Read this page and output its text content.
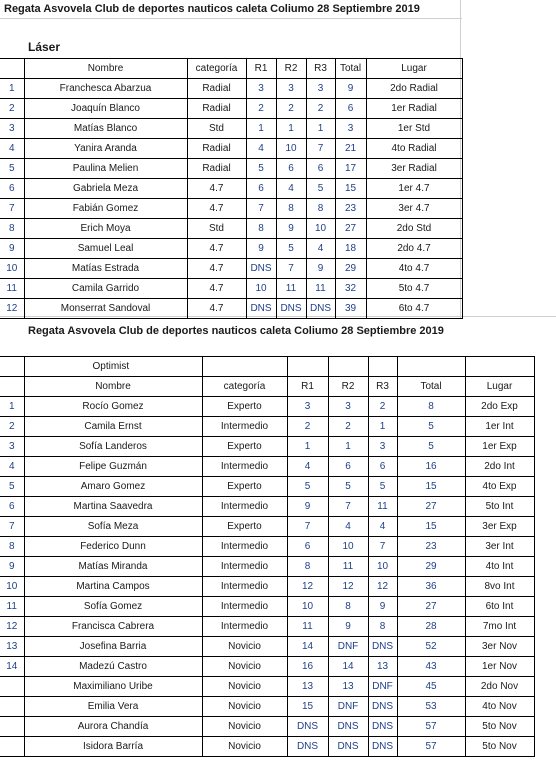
Regata Asvovela Club de deportes nauticos caleta Coliumo 28 Septiembre 2019
Láser
	Nombre	categoría	R1	R2	R3	Total	Lugar
1	Franchesca Abarzua	Radial	3	3	3	9	2do Radial
2	Joaquín Blanco	Radial	2	2	2	6	1er Radial
3	Matías Blanco	Std	1	1	1	3	1er Std
4	Yanira Aranda	Radial	4	10	7	21	4to Radial
5	Paulina Melien	Radial	5	6	6	17	3er Radial
6	Gabriela Meza	4.7	6	4	5	15	1er 4.7
7	Fabián Gomez	4.7	7	8	8	23	3er 4.7
8	Erich Moya	Std	8	9	10	27	2do Std
9	Samuel Leal	4.7	9	5	4	18	2do 4.7
10	Matías Estrada	4.7	DNS	7	9	29	4to 4.7
11	Camila Garrido	4.7	10	11	11	32	5to 4.7
12	Monserrat Sandoval	4.7	DNS	DNS	DNS	39	6to 4.7
Regata Asvovela Club de deportes nauticos caleta Coliumo 28 Septiembre 2019
	Optimist						
	Nombre	categoría	R1	R2	R3	Total	Lugar
1	Rocío Gomez	Experto	3	3	2	8	2do Exp
2	Camila Ernst	Intermedio	2	2	1	5	1er Int
3	Sofía Landeros	Experto	1	1	3	5	1er Exp
4	Felipe Guzmán	Intermedio	4	6	6	16	2do Int
5	Amaro Gomez	Experto	5	5	5	15	4to Exp
6	Martina Saavedra	Intermedio	9	7	11	27	5to Int
7	Sofía Meza	Experto	7	4	4	15	3er Exp
8	Federico Dunn	Intermedio	6	10	7	23	3er Int
9	Matías Miranda	Intermedio	8	11	10	29	4to Int
10	Martina Campos	Intermedio	12	12	12	36	8vo Int
11	Sofía Gomez	Intermedio	10	8	9	27	6to Int
12	Francisca Cabrera	Intermedio	11	9	8	28	7mo Int
13	Josefina Barria	Novicio	14	DNF	DNS	52	3er Nov
14	Madezú Castro	Novicio	16	14	13	43	1er Nov
	Maximiliano Uribe	Novicio	13	13	DNF	45	2do Nov
	Emilia Vera	Novicio	15	DNF	DNS	53	4to Nov
	Aurora Chandía	Novicio	DNS	DNS	DNS	57	5to Nov
	Isidora Barría	Novicio	DNS	DNS	DNS	57	5to Nov
